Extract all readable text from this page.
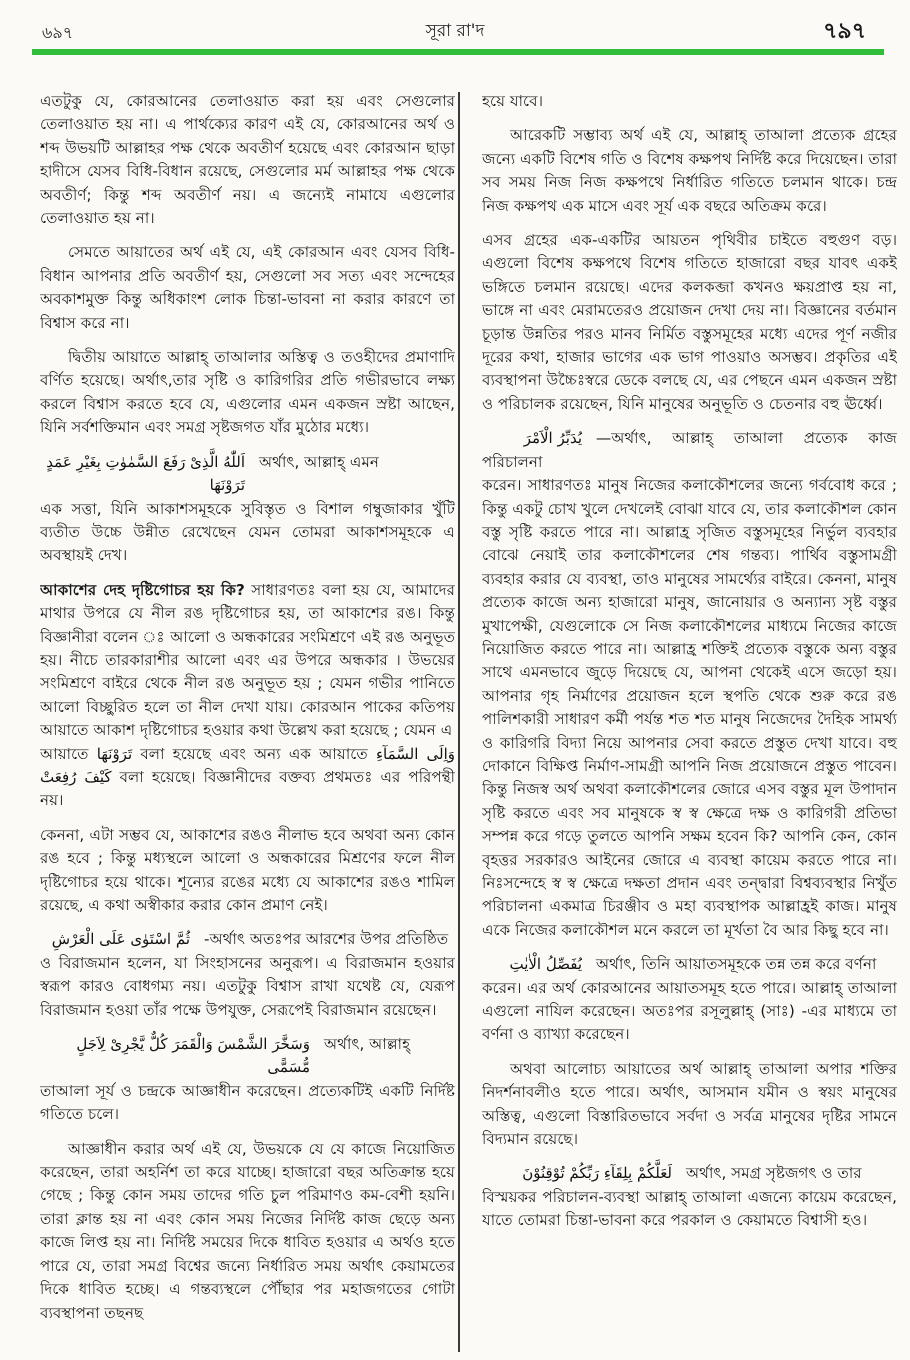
৬৯৭	সূরা রা'দ	৭৯৭

এতটুকু যে, কোরআনের তেলাওয়াত করা হয় এবং সেগুলোর তেলাওয়াত হয় না। এ পার্থক্যের কারণ এই যে, কোরআনের অর্থ ও শব্দ উভয়টি আল্লাহর পক্ষ থেকে অবতীর্ণ হয়েছে এবং কোরআন ছাড়া হাদীসে যেসব বিধি-বিধান রয়েছে, সেগুলোর মর্ম আল্লাহর পক্ষ থেকে অবতীর্ণ; কিন্তু শব্দ অবতীর্ণ নয়। এ জন্যেই নামাযে এগুলোর তেলাওয়াত হয় না।

সেমতে আয়াতের অর্থ এই যে, এই কোরআন এবং যেসব বিধি-বিধান আপনার প্রতি অবতীর্ণ হয়, সেগুলো সব সত্য এবং সন্দেহের অবকাশমুক্ত কিন্তু অধিকাংশ লোক চিন্তা-ভাবনা না করার কারণে তা বিশ্বাস করে না।

দ্বিতীয় আয়াতে আল্লাহ্ তাআলার অস্তিত্ব ও তওহীদের প্রমাণাদি বর্ণিত হয়েছে। অর্থাৎ,তার সৃষ্টি ও কারিগরির প্রতি গভীরভাবে লক্ষ্য করলে বিশ্বাস করতে হবে যে, এগুলোর এমন একজন স্রষ্টা আছেন, যিনি সর্বশক্তিমান এবং সমগ্র সৃষ্টজগত যাঁর মুঠোর মধ্যে।

اَللّٰهُ الَّذِىْ رَفَعَ السَّمٰوٰتِ بِغَيْرِ عَمَدٍ تَرَوْنَهَا
অর্থাৎ, আল্লাহ্ এমন

এক সত্তা, যিনি আকাশসমূহকে সুবিস্তৃত ও বিশাল গম্বুজাকার খুঁটি ব্যতীত উচ্চে উন্নীত রেখেছেন যেমন তোমরা আকাশসমূহকে এ অবস্থায়ই দেখ।

আকাশের দেহ দৃষ্টিগোচর হয় কি? সাধারণতঃ বলা হয় যে, আমাদের মাথার উপরে যে নীল রঙ দৃষ্টিগোচর হয়, তা আকাশের রঙ। কিন্তু বিজ্ঞানীরা বলেন ঃ আলো ও অন্ধকারের সংমিশ্রণে এই রঙ অনুভূত হয়। নীচে তারকারাশীর আলো এবং এর উপরে অন্ধকার । উভয়ের সংমিশ্রণে বাইরে থেকে নীল রঙ অনুভূত হয় ; যেমন গভীর পানিতে আলো বিচ্ছুরিত হলে তা নীল দেখা যায়। কোরআন পাকের কতিপয় আয়াতে আকাশ দৃষ্টিগোচর হওয়ার কথা উল্লেখ করা হয়েছে ; যেমন এ

আয়াতে تَرَوْنَهَا বলা হয়েছে এবং অন্য এক আয়াতে وَاِلَى السَّمَآءِ كَيْفَ رُفِعَتْ বলা হয়েছে। বিজ্ঞানীদের বক্তব্য প্রথমতঃ এর পরিপন্থী নয়।

কেননা, এটা সম্ভব যে, আকাশের রঙও নীলাভ হবে অথবা অন্য কোন রঙ হবে ; কিন্তু মধ্যস্থলে আলো ও অন্ধকারের মিশ্রণের ফলে নীল দৃষ্টিগোচর হয়ে থাকে। শূন্যের রঙের মধ্যে যে আকাশের রঙও শামিল রয়েছে, এ কথা অস্বীকার করার কোন প্রমাণ নেই।

ثُمَّ اسْتَوٰى عَلَى الْعَرْشِ -অর্থাৎ অতঃপর আরশের উপর প্রতিষ্ঠিত

ও বিরাজমান হলেন, যা সিংহাসনের অনুরূপ। এ বিরাজমান হওয়ার স্বরূপ কারও বোধগম্য নয়। এতটুকু বিশ্বাস রাখা যথেষ্ট যে, যেরূপ বিরাজমান হওয়া তাঁর পক্ষে উপযুক্ত, সেরূপেই বিরাজমান রয়েছেন।

وَسَخَّرَ الشَّمْسَ وَالْقَمَرَ كُلٌّ يَّجْرِىْ لِاَجَلٍ مُّسَمًّى
অর্থাৎ, আল্লাহ্

তাআলা সূর্য ও চন্দ্রকে আজ্ঞাধীন করেছেন। প্রত্যেকটিই একটি নির্দিষ্ট গতিতে চলে।

আজ্ঞাধীন করার অর্থ এই যে, উভয়কে যে যে কাজে নিয়োজিত করেছেন, তারা অহর্নিশ তা করে যাচ্ছে। হাজারো বছর অতিক্রান্ত হয়ে গেছে ; কিন্তু কোন সময় তাদের গতি চুল পরিমাণও কম-বেশী হয়নি। তারা ক্লান্ত হয় না এবং কোন সময় নিজের নির্দিষ্ট কাজ ছেড়ে অন্য কাজে লিপ্ত হয় না। নির্দিষ্ট সময়ের দিকে ধাবিত হওয়ার এ অর্থও হতে পারে যে, তারা সমগ্র বিশ্বের জন্যে নির্ধারিত সময় অর্থাৎ কেয়ামতের দিকে ধাবিত হচ্ছে। এ গন্তব্যস্থলে পৌঁছার পর মহাজগতের গোটা ব্যবস্থাপনা তছনছ

হয়ে যাবে।

আরেকটি সম্ভাব্য অর্থ এই যে, আল্লাহ্ তাআলা প্রত্যেক গ্রহের জন্যে একটি বিশেষ গতি ও বিশেষ কক্ষপথ নির্দিষ্ট করে দিয়েছেন। তারা সব সময় নিজ নিজ কক্ষপথে নির্ধারিত গতিতে চলমান থাকে। চন্দ্র নিজ কক্ষপথ এক মাসে এবং সূর্য এক বছরে অতিক্রম করে।

এসব গ্রহের এক-একটির আয়তন পৃথিবীর চাইতে বহুগুণ বড়। এগুলো বিশেষ কক্ষপথে বিশেষ গতিতে হাজারো বছর যাবৎ একই ভঙ্গিতে চলমান রয়েছে। এদের কলকব্জা কখনও ক্ষয়প্রাপ্ত হয় না, ভাঙ্গে না এবং মেরামতেরও প্রয়োজন দেখা দেয় না। বিজ্ঞানের বর্তমান চূড়ান্ত উন্নতির পরও মানব নির্মিত বস্তুসমূহের মধ্যে এদের পূর্ণ নজীর দূরের কথা, হাজার ভাগের এক ভাগ পাওয়াও অসম্ভব। প্রকৃতির এই ব্যবস্থাপনা উচ্চৈঃস্বরে ডেকে বলছে যে, এর পেছনে এমন একজন স্রষ্টা ও পরিচালক রয়েছেন, যিনি মানুষের অনুভূতি ও চেতনার বহু ঊর্ধ্বে।

يُدَبِّرُ الْاَمْرَ —অর্থাৎ, আল্লাহ্ তাআলা প্রত্যেক কাজ পরিচালনা

করেন। সাধারণতঃ মানুষ নিজের কলাকৌশলের জন্যে গর্ববোধ করে ; কিন্তু একটু চোখ খুলে দেখলেই বোঝা যাবে যে, তার কলাকৌশল কোন বস্তু সৃষ্টি করতে পারে না। আল্লাহ্র সৃজিত বস্তুসমূহের নির্ভুল ব্যবহার বোঝে নেয়াই তার কলাকৌশলের শেষ গন্তব্য। পার্থিব বস্তুসামগ্রী ব্যবহার করার যে ব্যবস্থা, তাও মানুষের সামর্থ্যের বাইরে। কেননা, মানুষ প্রত্যেক কাজে অন্য হাজারো মানুষ, জানোয়ার ও অন্যান্য সৃষ্ট বস্তুর মুখাপেক্ষী, যেগুলোকে সে নিজ কলাকৌশলের মাধ্যমে নিজের কাজে নিয়োজিত করতে পারে না। আল্লাহ্র শক্তিই প্রত্যেক বস্তুকে অন্য বস্তুর সাথে এমনভাবে জুড়ে দিয়েছে যে, আপনা থেকেই এসে জড়ো হয়। আপনার গৃহ নির্মাণের প্রয়োজন হলে স্থপতি থেকে শুরু করে রঙ পালিশকারী সাধারণ কর্মী পর্যন্ত শত শত মানুষ নিজেদের দৈহিক সামর্থ্য ও কারিগরি বিদ্যা নিয়ে আপনার সেবা করতে প্রস্তুত দেখা যাবে। বহু দোকানে বিক্ষিপ্ত নির্মাণ-সামগ্রী আপনি নিজ প্রয়োজনে প্রস্তুত পাবেন। কিন্তু নিজস্ব অর্থ অথবা কলাকৌশলের জোরে এসব বস্তুর মূল উপাদান সৃষ্টি করতে এবং সব মানুষকে স্ব স্ব ক্ষেত্রে দক্ষ ও কারিগরী প্রতিভা সম্পন্ন করে গড়ে তুলতে আপনি সক্ষম হবেন কি? আপনি কেন, কোন বৃহত্তর সরকারও আইনের জোরে এ ব্যবস্থা কায়েম করতে পারে না। নিঃসন্দেহে স্ব স্ব ক্ষেত্রে দক্ষতা প্রদান এবং তন্দ্বারা বিশ্বব্যবস্থার নিখুঁত পরিচালনা একমাত্র চিরঞ্জীব ও মহা ব্যবস্থাপক আল্লাহ্রই কাজ। মানুষ একে নিজের কলাকৌশল মনে করলে তা মূর্খতা বৈ আর কিছু হবে না।

يُفَصِّلُ الْاٰيٰتِ অর্থাৎ, তিনি আয়াতসমূহকে তন্ন তন্ন করে বর্ণনা

করেন। এর অর্থ কোরআনের আয়াতসমূহ হতে পারে। আল্লাহ্ তাআলা এগুলো নাযিল করেছেন। অতঃপর রসূলুল্লাহ্ (সাঃ) -এর মাধ্যমে তা বর্ণনা ও ব্যাখ্যা করেছেন।

অথবা আলোচ্য আয়াতের অর্থ আল্লাহ্ তাআলা অপার শক্তির নিদর্শনাবলীও হতে পারে। অর্থাৎ, আসমান যমীন ও স্বয়ং মানুষের অস্তিত্ব, এগুলো বিস্তারিতভাবে সর্বদা ও সর্বত্র মানুষের দৃষ্টির সামনে বিদ্যমান রয়েছে।

لَعَلَّكُمْ بِلِقَآءِ رَبِّكُمْ تُوْقِنُوْنَ অর্থাৎ, সমগ্র সৃষ্টজগৎ ও তার

বিস্ময়কর পরিচালন-ব্যবস্থা আল্লাহ্ তাআলা এজন্যে কায়েম করেছেন, যাতে তোমরা চিন্তা-ভাবনা করে পরকাল ও কেয়ামতে বিশ্বাসী হও।
